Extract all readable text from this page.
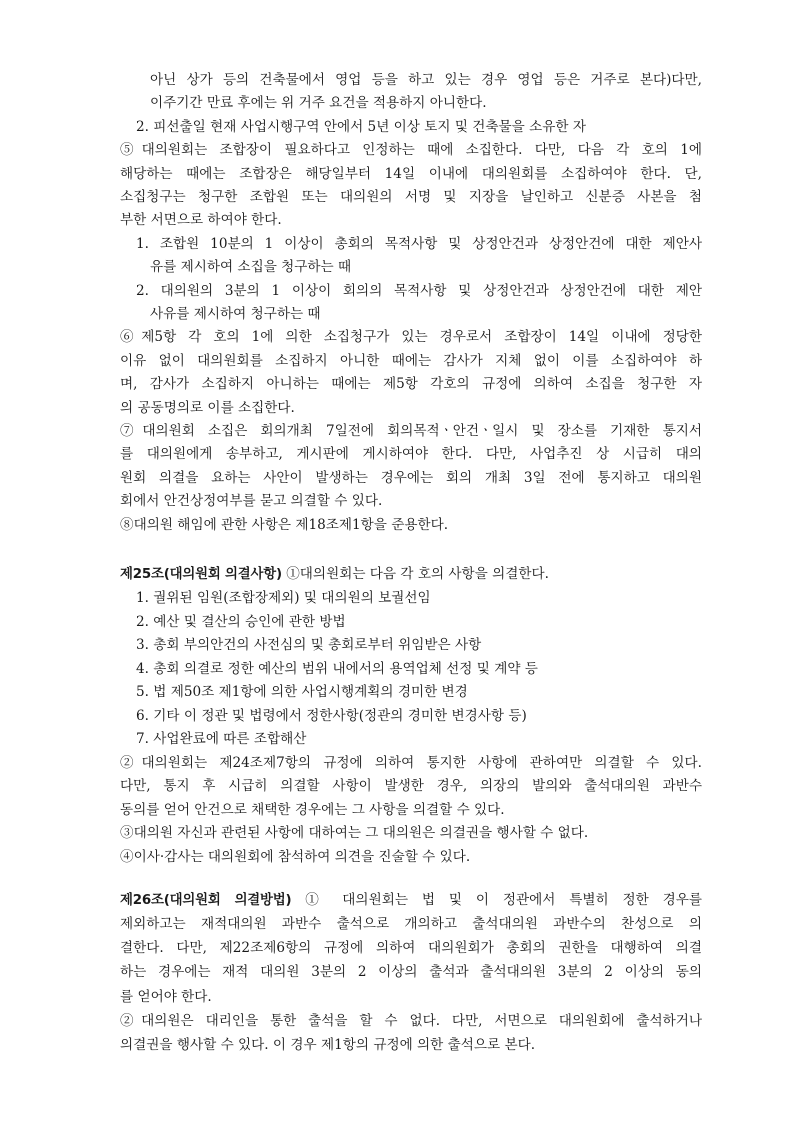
아닌 상가 등의 건축물에서 영업 등을 하고 있는 경우 영업 등은 거주로 본다)다만,
이주기간 만료 후에는 위 거주 요건을 적용하지 아니한다.
2. 피선출일 현재 사업시행구역 안에서 5년 이상 토지 및 건축물을 소유한 자
⑤대의원회는 조합장이 필요하다고 인정하는 때에 소집한다. 다만, 다음 각 호의 1에
해당하는 때에는 조합장은 해당일부터 14일 이내에 대의원회를 소집하여야 한다. 단,
소집청구는 청구한 조합원 또는 대의원의 서명 및 지장을 날인하고 신분증 사본을 첨
부한 서면으로 하여야 한다.
1. 조합원 10분의 1 이상이 총회의 목적사항 및 상정안건과 상정안건에 대한 제안사
유를 제시하여 소집을 청구하는 때
2. 대의원의 3분의 1 이상이 회의의 목적사항 및 상정안건과 상정안건에 대한 제안
사유를 제시하여 청구하는 때
⑥제5항 각 호의 1에 의한 소집청구가 있는 경우로서 조합장이 14일 이내에 정당한
이유 없이 대의원회를 소집하지 아니한 때에는 감사가 지체 없이 이를 소집하여야 하
며, 감사가 소집하지 아니하는 때에는 제5항 각호의 규정에 의하여 소집을 청구한 자
의 공동명의로 이를 소집한다.
⑦대의원회 소집은 회의개최 7일전에 회의목적ㆍ안건ㆍ일시 및 장소를 기재한 통지서
를 대의원에게 송부하고, 게시판에 게시하여야 한다. 다만, 사업추진 상 시급히 대의
원회 의결을 요하는 사안이 발생하는 경우에는 회의 개최 3일 전에 통지하고 대의원
회에서 안건상정여부를 묻고 의결할 수 있다.
⑧대의원 해임에 관한 사항은 제18조제1항을 준용한다.
제25조(대의원회 의결사항) ①대의원회는 다음 각 호의 사항을 의결한다.
1. 궐위된 임원(조합장제외) 및 대의원의 보궐선임
2. 예산 및 결산의 승인에 관한 방법
3. 총회 부의안건의 사전심의 및 총회로부터 위임받은 사항
4. 총회 의결로 정한 예산의 범위 내에서의 용역업체 선정 및 계약 등
5. 법 제50조 제1항에 의한 사업시행계획의 경미한 변경
6. 기타 이 정관 및 법령에서 정한사항(정관의 경미한 변경사항 등)
7. 사업완료에 따른 조합해산
②대의원회는 제24조제7항의 규정에 의하여 통지한 사항에 관하여만 의결할 수 있다.
다만, 통지 후 시급히 의결할 사항이 발생한 경우, 의장의 발의와 출석대의원 과반수
동의를 얻어 안건으로 채택한 경우에는 그 사항을 의결할 수 있다.
③대의원 자신과 관련된 사항에 대하여는 그 대의원은 의결권을 행사할 수 없다.
④이사·감사는 대의원회에 참석하여 의견을 진술할 수 있다.
제26조(대의원회 의결방법) ① 대의원회는 법 및 이 정관에서 특별히 정한 경우를
제외하고는 재적대의원 과반수 출석으로 개의하고 출석대의원 과반수의 찬성으로 의
결한다. 다만, 제22조제6항의 규정에 의하여 대의원회가 총회의 권한을 대행하여 의결
하는 경우에는 재적 대의원 3분의 2 이상의 출석과 출석대의원 3분의 2 이상의 동의
를 얻어야 한다.
②대의원은 대리인을 통한 출석을 할 수 없다. 다만, 서면으로 대의원회에 출석하거나
의결권을 행사할 수 있다. 이 경우 제1항의 규정에 의한 출석으로 본다.
